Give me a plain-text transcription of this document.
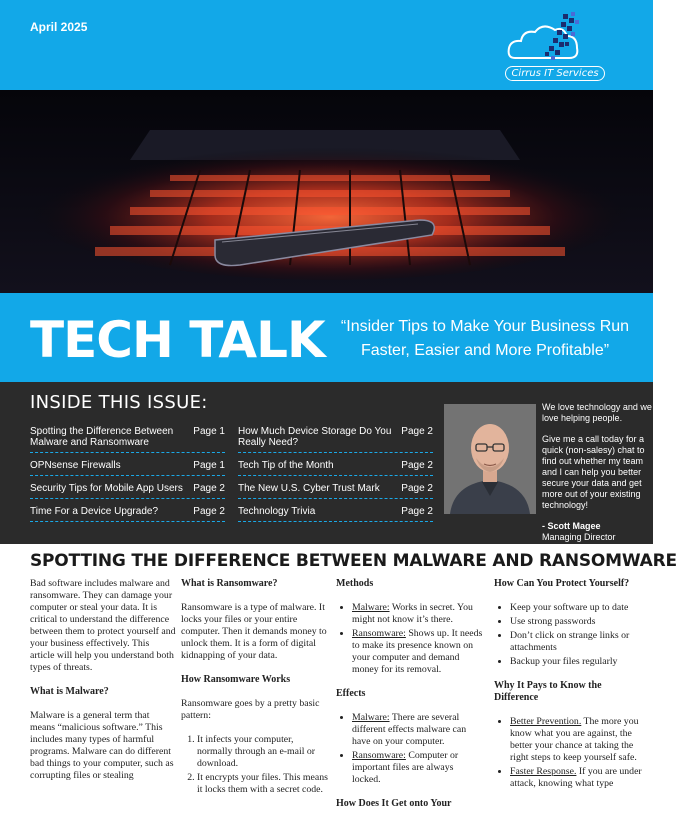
April 2025
Cirrus IT Services
TECH TALK	“Insider Tips to Make Your Business Run Faster, Easier and More Profitable”
INSIDE THIS ISSUE:
Spotting the Difference Between Malware and Ransomware
Page 1
OPNsense Firewalls	Page 1
Security Tips for Mobile App Users	Page 2
Time For a Device Upgrade?	Page 2
How Much Device Storage Do You Really Need?
Page 2
Tech Tip of the Month	Page 2
The New U.S. Cyber Trust Mark	Page 2
Technology Trivia	Page 2

We love technology and we love helping people.

Give me a call today for a quick (non-salesy) chat to find out whether my team and I can help you better secure your data and get more out of your existing technology!

- Scott Magee
Managing Director
SPOTTING THE DIFFERENCE BETWEEN MALWARE AND RANSOMWARE

Bad software includes malware and ransomware. They can damage your computer or steal your data. It is critical to understand the difference between them to protect yourself and your business effectively. This article will help you understand both types of threats.

What is Malware?

Malware is a general term that means “malicious software.” This includes many types of harmful programs. Malware can do different bad things to your computer, such as corrupting files or stealing

What is Ransomware?

Ransomware is a type of malware. It locks your files or your entire computer. Then it demands money to unlock them. It is a form of digital kidnapping of your data.

How Ransomware Works

Ransomware goes by a pretty basic pattern:

1. It infects your computer, normally through an e-mail or download.
2. It encrypts your files. This means it locks them with a secret code.
Methods
• Malware: Works in secret. You might not know it’s there.
• Ransomware: Shows up. It needs to make its presence known on your computer and demand money for its removal.
Effects
• Malware: There are several different effects malware can have on your computer.
• Ransomware: Computer or important files are always locked.
How Does It Get onto Your
How Can You Protect Yourself?
• Keep your software up to date
• Use strong passwords
• Don’t click on strange links or attachments
• Backup your files regularly
Why It Pays to Know the Difference
• Better Prevention. The more you know what you are against, the better your chance at taking the right steps to keep yourself safe.
• Faster Response. If you are under attack, knowing what type
